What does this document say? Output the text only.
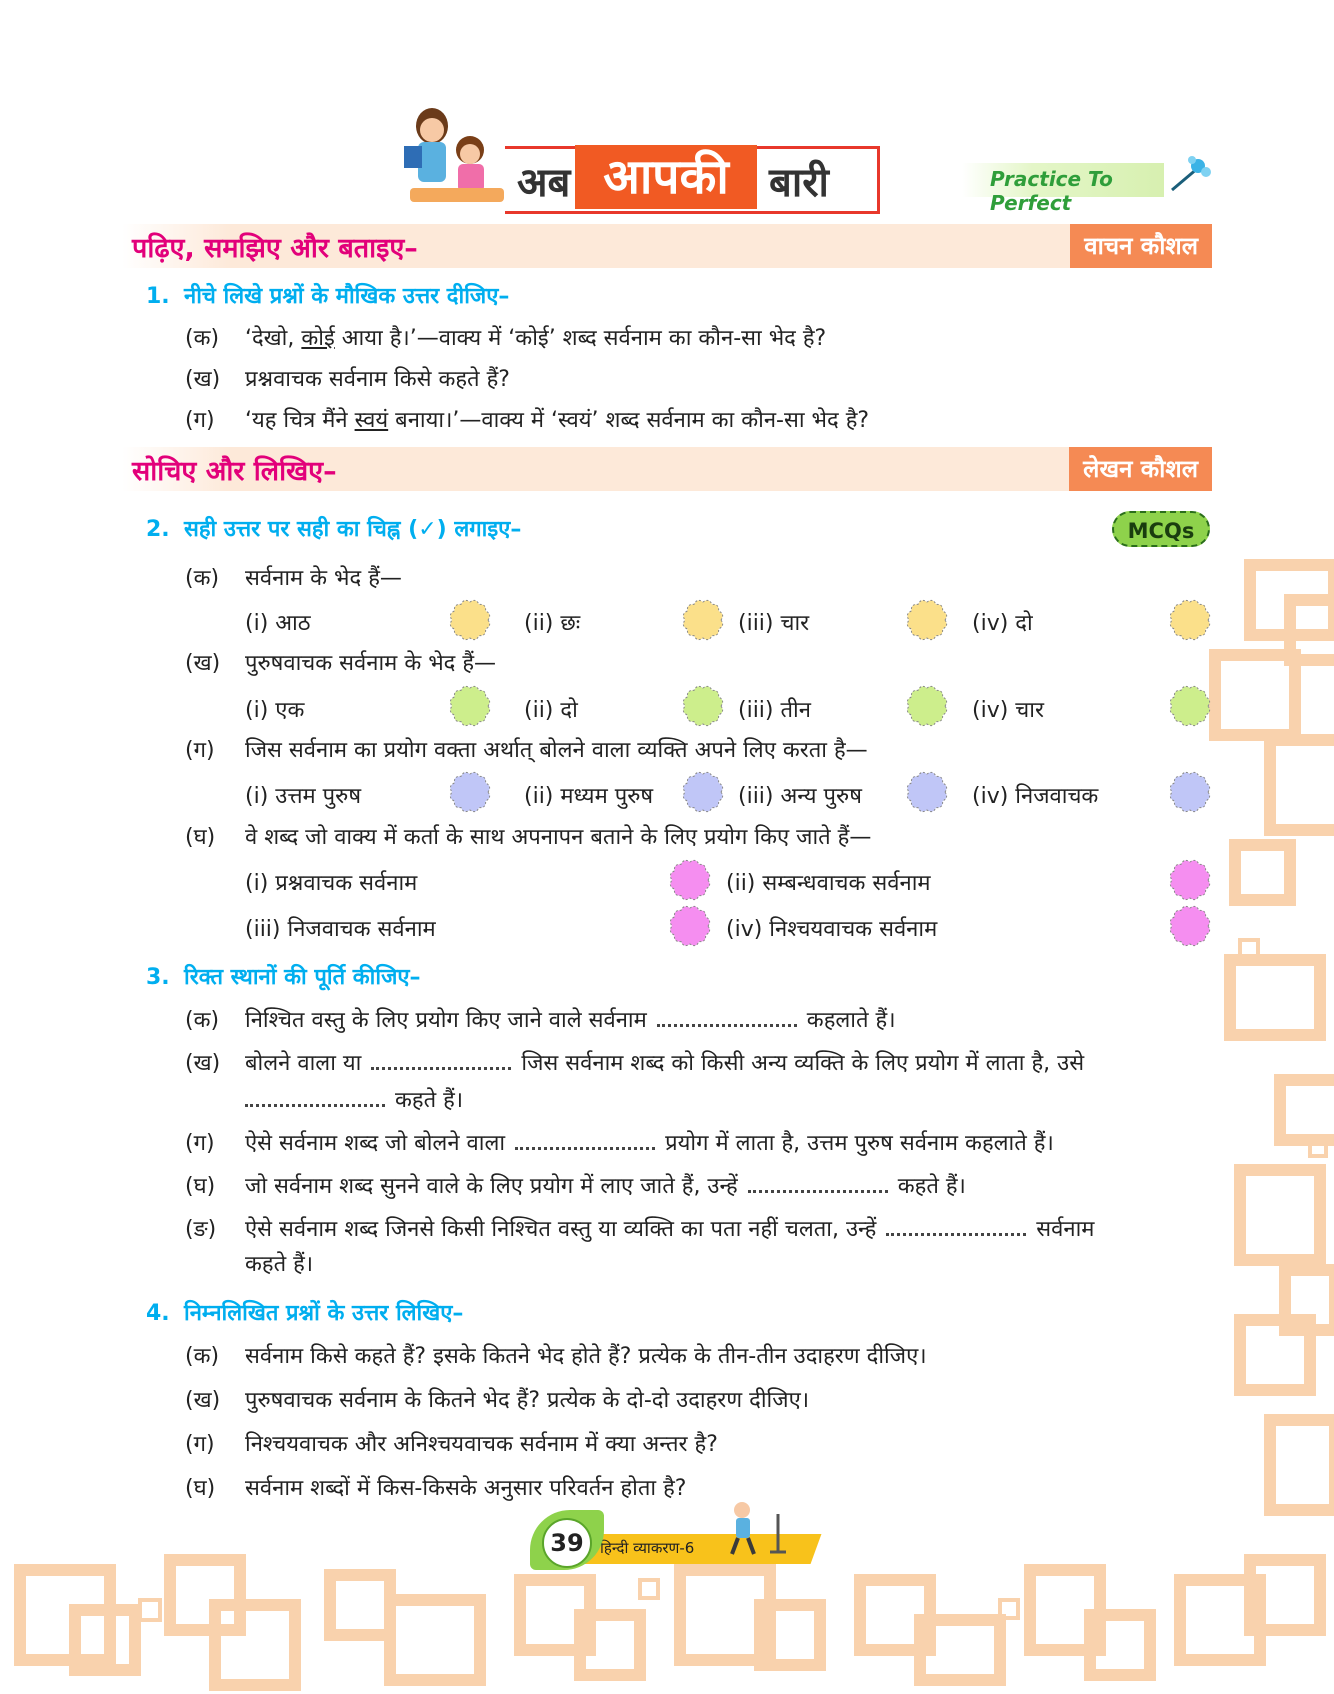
अब आपकी	बारी	Practice To Perfect
पढ़िए, समझिए और बताइए–	वाचन कौशल
1. नीचे लिखे प्रश्नों के मौखिक उत्तर दीजिए–
(क) ‘देखो, कोई आया है।’—वाक्य में ‘कोई’ शब्द सर्वनाम का कौन-सा भेद है?
(ख) प्रश्नवाचक सर्वनाम किसे कहते हैं?
(ग) ‘यह चित्र मैंने स्वयं बनाया।’—वाक्य में ‘स्वयं’ शब्द सर्वनाम का कौन-सा भेद है?
सोचिए और लिखिए–	लेखन कौशल
2. सही उत्तर पर सही का चिह्न (✓) लगाइए–	MCQs
(क) सर्वनाम के भेद हैं—
(i) आठ	(ii) छः	(iii) चार	(iv) दो
(ख) पुरुषवाचक सर्वनाम के भेद हैं—
(i) एक	(ii) दो	(iii) तीन	(iv) चार
(ग) जिस सर्वनाम का प्रयोग वक्ता अर्थात् बोलने वाला व्यक्ति अपने लिए करता है—
(i) उत्तम पुरुष	(ii) मध्यम पुरुष	(iii) अन्य पुरुष	(iv) निजवाचक
(घ) वे शब्द जो वाक्य में कर्ता के साथ अपनापन बताने के लिए प्रयोग किए जाते हैं—
(i) प्रश्नवाचक सर्वनाम	(ii) सम्बन्धवाचक सर्वनाम
(iii) निजवाचक सर्वनाम	(iv) निश्चयवाचक सर्वनाम
3. रिक्त स्थानों की पूर्ति कीजिए–
(क) निश्चित वस्तु के लिए प्रयोग किए जाने वाले सर्वनाम	कहलाते हैं।
(ख) बोलने वाला या	जिस सर्वनाम शब्द को किसी अन्य व्यक्ति के लिए प्रयोग में लाता है, उसे
कहते हैं।
(ग) ऐसे सर्वनाम शब्द जो बोलने वाला	प्रयोग में लाता है, उत्तम पुरुष सर्वनाम कहलाते हैं।
(घ) जो सर्वनाम शब्द सुनने वाले के लिए प्रयोग में लाए जाते हैं, उन्हें	कहते हैं।
(ङ) ऐसे सर्वनाम शब्द जिनसे किसी निश्चित वस्तु या व्यक्ति का पता नहीं चलता, उन्हें	सर्वनाम
कहते हैं।
4. निम्नलिखित प्रश्नों के उत्तर लिखिए–
(क) सर्वनाम किसे कहते हैं? इसके कितने भेद होते हैं? प्रत्येक के तीन-तीन उदाहरण दीजिए।
(ख) पुरुषवाचक सर्वनाम के कितने भेद हैं? प्रत्येक के दो-दो उदाहरण दीजिए।
(ग) निश्चयवाचक और अनिश्चयवाचक सर्वनाम में क्या अन्तर है?
(घ) सर्वनाम शब्दों में किस-किसके अनुसार परिवर्तन होता है?
हिन्दी व्याकरण-6
39
